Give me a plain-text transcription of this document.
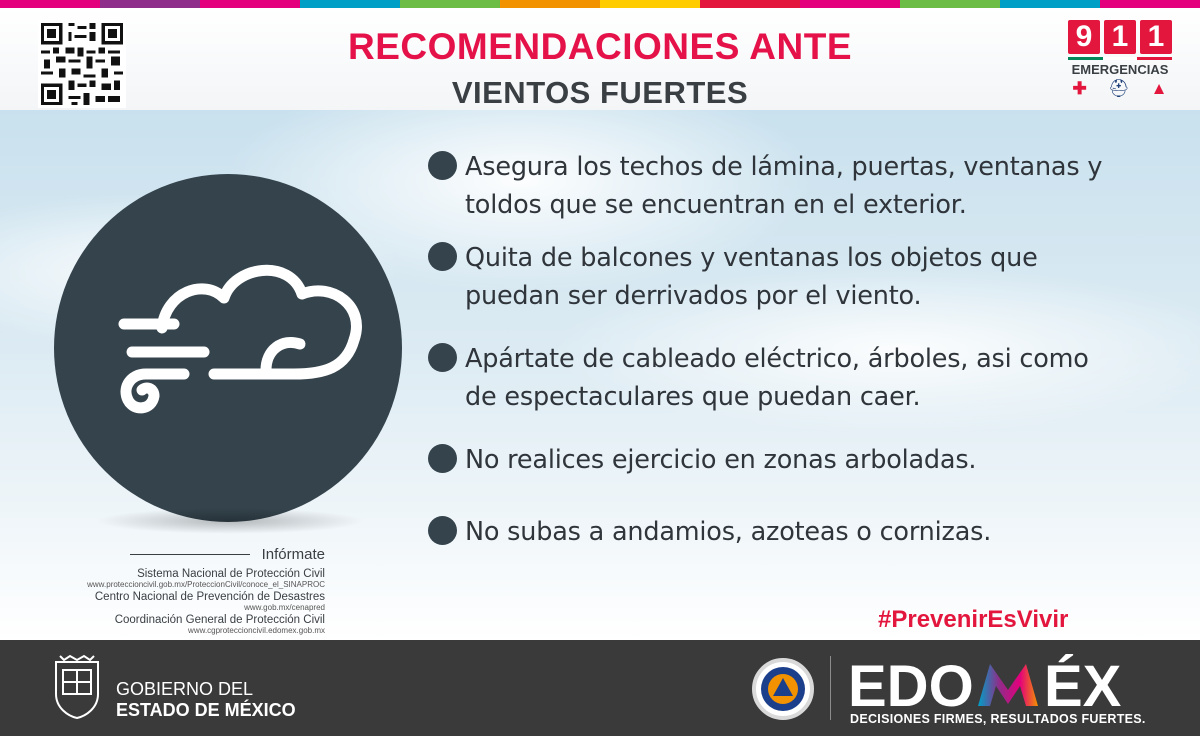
RECOMENDACIONES ANTE
VIENTOS FUERTES
9 1 1
EMERGENCIAS
✚ ⛑ ▲
Asegura los techos de lámina, puertas, ventanas y
toldos que se encuentran en el exterior.
Quita de balcones y ventanas los objetos que
puedan ser derrivados por el viento.
Apártate de cableado eléctrico, árboles, asi como
de espectaculares que puedan caer.
No realices ejercicio en zonas arboladas.
No subas a andamios, azoteas o cornizas.
Infórmate
Sistema Nacional de Protección Civil
www.proteccioncivil.gob.mx/ProteccionCivil/conoce_el_SINAPROC
Centro Nacional de Prevención de Desastres
www.gob.mx/cenapred
Coordinación General de Protección Civil
www.cgproteccioncivil.edomex.gob.mx	#PrevenirEsVivir
GOBIERNO DEL
ESTADO DE MÉXICO	EDO ÉX
DECISIONES FIRMES, RESULTADOS FUERTES.
